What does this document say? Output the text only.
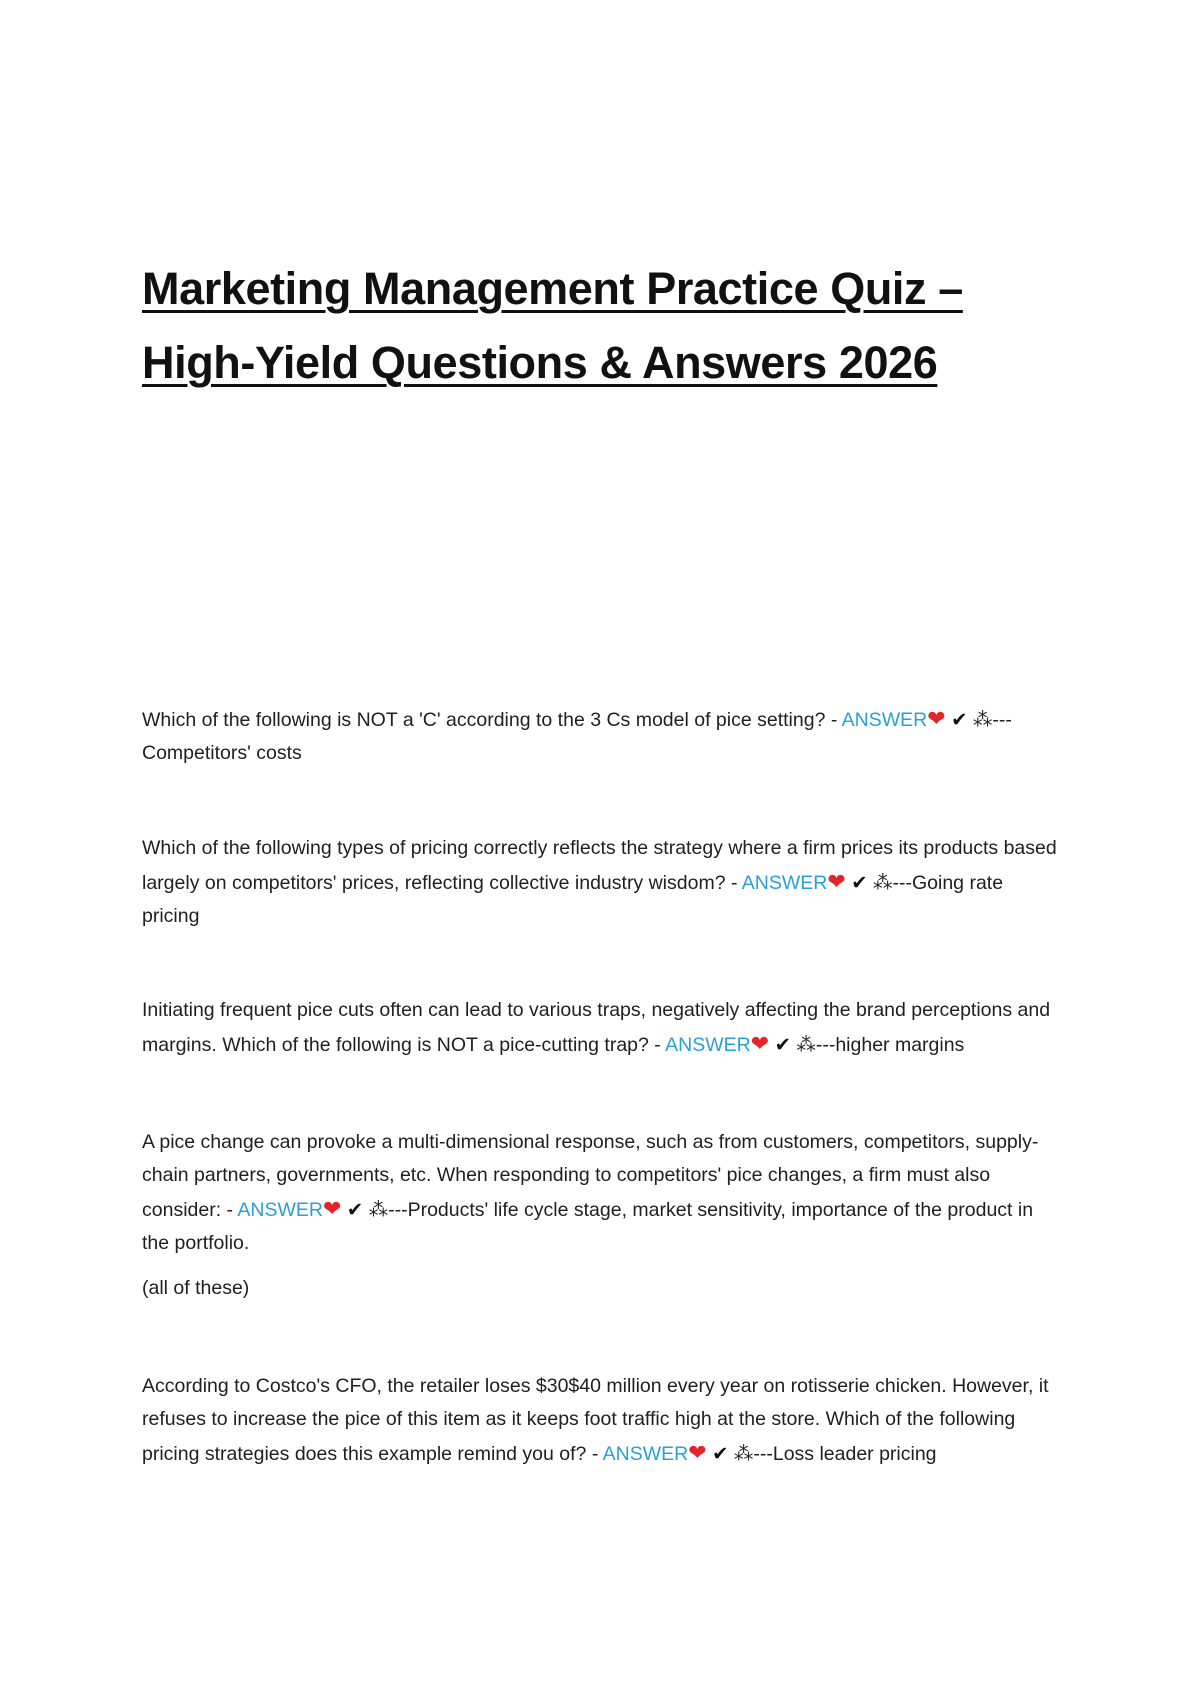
Marketing Management Practice Quiz –
High-Yield Questions & Answers 2026

Which of the following is NOT a 'C' according to the 3 Cs model of pice setting? - ANSWER❤ ✔ ⁂---Competitors' costs

Which of the following types of pricing correctly reflects the strategy where a firm prices its products based largely on competitors' prices, reflecting collective industry wisdom? - ANSWER❤ ✔ ⁂---Going rate pricing

Initiating frequent pice cuts often can lead to various traps, negatively affecting the brand perceptions and margins. Which of the following is NOT a pice-cutting trap? - ANSWER❤ ✔ ⁂---higher margins

A pice change can provoke a multi-dimensional response, such as from customers, competitors, supply-chain partners, governments, etc. When responding to competitors' pice changes, a firm must also consider: - ANSWER❤ ✔ ⁂---Products' life cycle stage, market sensitivity, importance of the product in the portfolio.

(all of these)

According to Costco's CFO, the retailer loses $30$40 million every year on rotisserie chicken. However, it refuses to increase the pice of this item as it keeps foot traffic high at the store. Which of the following pricing strategies does this example remind you of? - ANSWER❤ ✔ ⁂---Loss leader pricing
